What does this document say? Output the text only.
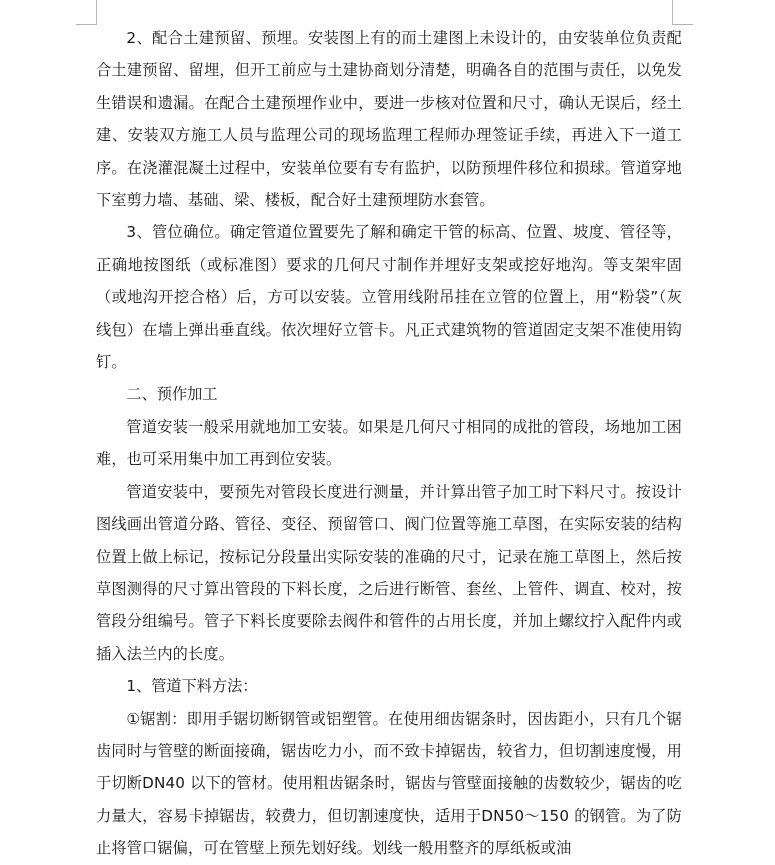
2、配合土建预留、预埋。安装图上有的而土建图上未设计的，由安装单位负责配合土建预留、留埋，但开工前应与土建协商划分清楚，明确各自的范围与责任，以免发生错误和遗漏。在配合土建预埋作业中，要进一步核对位置和尺寸，确认无误后，经土建、安装双方施工人员与监理公司的现场监理工程师办理签证手续，再进入下一道工序。在浇灌混凝土过程中，安装单位要有专有监护，以防预埋件移位和损球。管道穿地下室剪力墙、基础、梁、楼板，配合好土建预埋防水套管。

3、管位确位。确定管道位置要先了解和确定干管的标高、位置、坡度、管径等，正确地按图纸（或标准图）要求的几何尺寸制作并埋好支架或挖好地沟。等支架牢固（或地沟开挖合格）后，方可以安装。立管用线附吊挂在立管的位置上，用“粉袋”（灰线包）在墙上弹出垂直线。依次埋好立管卡。凡正式建筑物的管道固定支架不准使用钩钉。

二、预作加工

管道安装一般采用就地加工安装。如果是几何尺寸相同的成批的管段，场地加工困难，也可采用集中加工再到位安装。

管道安装中，要预先对管段长度进行测量，并计算出管子加工时下料尺寸。按设计图线画出管道分路、管径、变径、预留管口、阀门位置等施工草图，在实际安装的结构位置上做上标记，按标记分段量出实际安装的准确的尺寸，记录在施工草图上，然后按草图测得的尺寸算出管段的下料长度，之后进行断管、套丝、上管件、调直、校对，按管段分组编号。管子下料长度要除去阀件和管件的占用长度，并加上螺纹拧入配件内或插入法兰内的长度。

1、管道下料方法：

①锯割：即用手锯切断钢管或铝塑管。在使用细齿锯条时，因齿距小，只有几个锯齿同时与管壁的断面接确，锯齿吃力小，而不致卡掉锯齿，较省力，但切割速度慢，用于切断DN40 以下的管材。使用粗齿锯条时，锯齿与管壁面接触的齿数较少，锯齿的吃力量大，容易卡掉锯齿，较费力，但切割速度快，适用于DN50～150 的钢管。为了防止将管口锯偏，可在管壁上预先划好线。划线一般用整齐的厚纸板或油
